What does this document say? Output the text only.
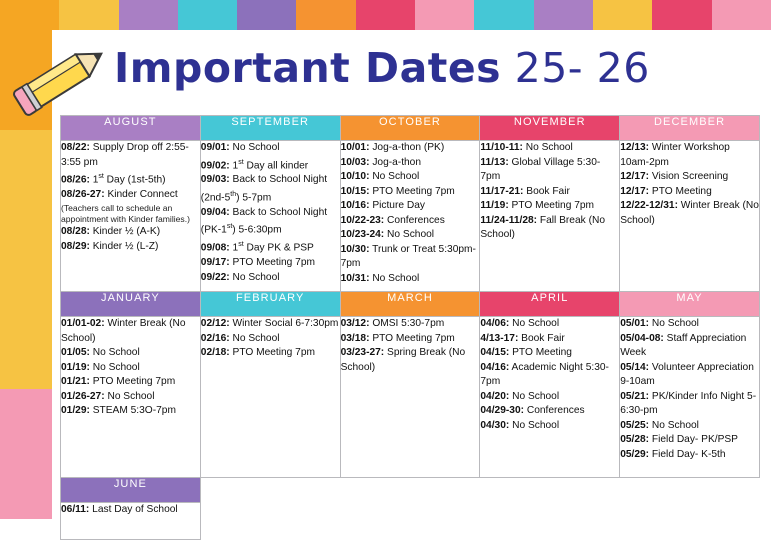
Important Dates 25- 26
AUGUST	SEPTEMBER	OCTOBER	NOVEMBER	DECEMBER

08/22: Supply Drop off 2:55-3:55 pm
08/26: 1st Day (1st-5th)
08/26-27: Kinder Connect
(Teachers call to schedule an appointment with Kinder families.)
08/28: Kinder ½ (A-K)
08/29: Kinder ½ (L-Z)

09/01: No School
09/02: 1st Day all kinder
09/03: Back to School Night (2nd-5th) 5-7pm
09/04: Back to School Night (PK-1st) 5-6:30pm
09/08: 1st Day PK & PSP
09/17: PTO Meeting 7pm
09/22: No School

10/01: Jog-a-thon (PK)
10/03: Jog-a-thon
10/10: No School
10/15: PTO Meeting 7pm
10/16: Picture Day
10/22-23: Conferences
10/23-24: No School
10/30: Trunk or Treat 5:30pm-7pm
10/31: No School

11/10-11: No School
11/13: Global Village 5:30-7pm
11/17-21: Book Fair
11/19: PTO Meeting 7pm
11/24-11/28: Fall Break (No School)

12/13: Winter Workshop 10am-2pm
12/17: Vision Screening
12/17: PTO Meeting
12/22-12/31: Winter Break (No School)

JANUARY	FEBRUARY	MARCH	APRIL	MAY

01/01-02: Winter Break (No School)
01/05: No School
01/19: No School
01/21: PTO Meeting 7pm
01/26-27: No School
01/29: STEAM 5:3O-7pm

02/12: Winter Social 6-7:30pm
02/16: No School
02/18: PTO Meeting 7pm

03/12: OMSI 5:30-7pm
03/18: PTO Meeting 7pm
03/23-27: Spring Break (No School)

04/06: No School
4/13-17: Book Fair
04/15: PTO Meeting
04/16: Academic Night 5:30-7pm
04/20: No School
04/29-30: Conferences
04/30: No School

05/01: No School
05/04-08: Staff Appreciation Week
05/14: Volunteer Appreciation 9-10am
05/21: PK/Kinder Info Night 5-6:30-pm
05/25: No School
05/28: Field Day- PK/PSP
05/29: Field Day- K-5th

JUNE				

06/11: Last Day of School				
